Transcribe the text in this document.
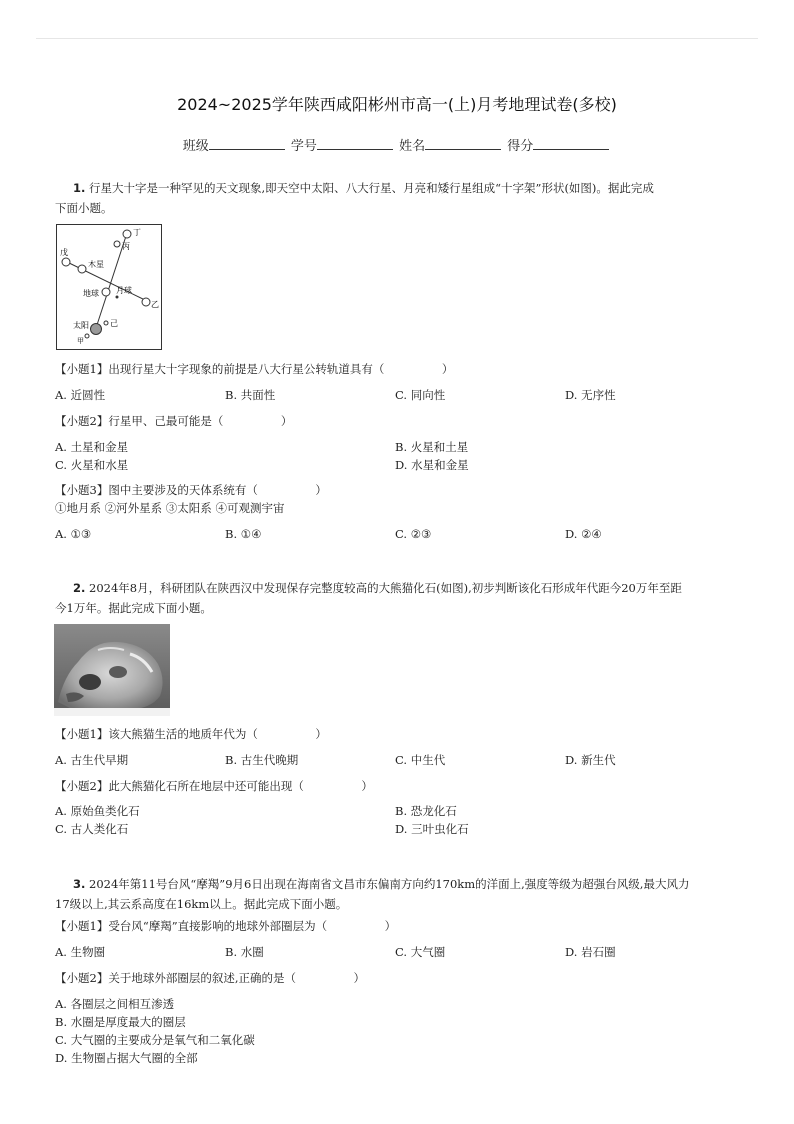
2024~2025学年陕西咸阳彬州市高一(上)月考地理试卷(多校)
班级	学号	姓名	得分
1. 行星大十字是一种罕见的天文现象,即天空中太阳、八大行星、月亮和矮行星组成“十字架”形状(如图)。据此完成
下面小题。
丁
丙
戊
木星
地球 月球
乙
太阳	己
甲
【小题1】出现行星大十字现象的前提是八大行星公转轨道具有（　　　　　）
A. 近圆性	B. 共面性	C. 同向性	D. 无序性
【小题2】行星甲、己最可能是（　　　　　）
A. 土星和金星	B. 火星和土星
C. 火星和水星	D. 水星和金星
【小题3】图中主要涉及的天体系统有（　　　　　）
①地月系 ②河外星系 ③太阳系 ④可观测宇宙
A. ①③	B. ①④	C. ②③	D. ②④
2. 2024年8月，科研团队在陕西汉中发现保存完整度较高的大熊猫化石(如图),初步判断该化石形成年代距今20万年至距
今1万年。据此完成下面小题。
【小题1】该大熊猫生活的地质年代为（　　　　　）
A. 古生代早期	B. 古生代晚期	C. 中生代	D. 新生代
【小题2】此大熊猫化石所在地层中还可能出现（　　　　　）
A. 原始鱼类化石	B. 恐龙化石
C. 古人类化石	D. 三叶虫化石
3. 2024年第11号台风“摩羯”9月6日出现在海南省文昌市东偏南方向约170km的洋面上,强度等级为超强台风级,最大风力
17级以上,其云系高度在16km以上。据此完成下面小题。
【小题1】受台风“摩羯”直接影响的地球外部圈层为（　　　　　）
A. 生物圈	B. 水圈	C. 大气圈	D. 岩石圈
【小题2】关于地球外部圈层的叙述,正确的是（　　　　　）
A. 各圈层之间相互渗透
B. 水圈是厚度最大的圈层
C. 大气圈的主要成分是氧气和二氧化碳
D. 生物圈占据大气圈的全部
